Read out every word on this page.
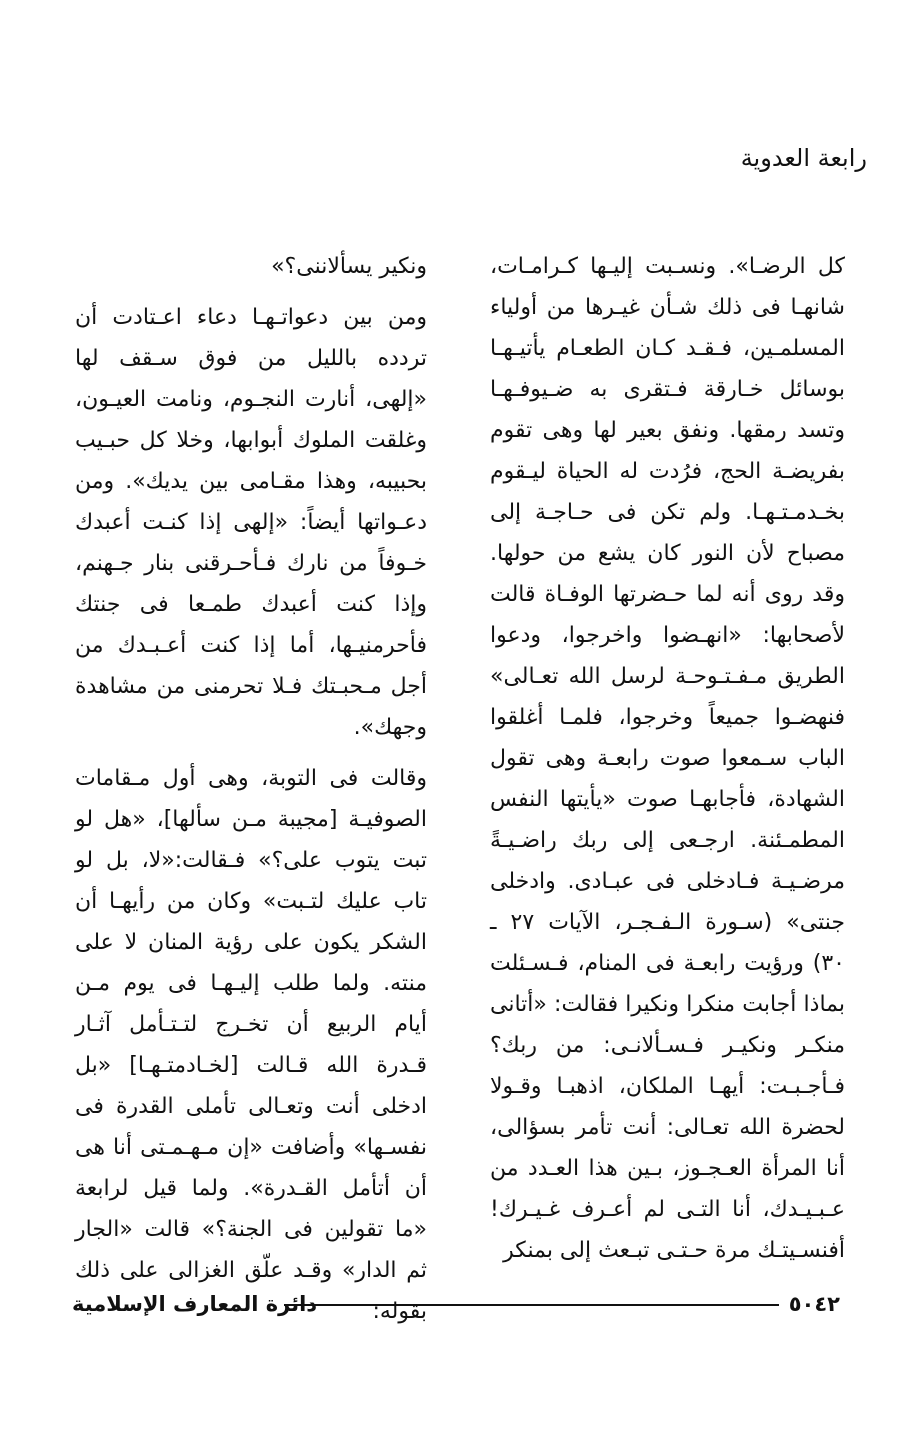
رابعة العدوية

كل الرضـا». ونسـبت إليـها كـرامـات، شانهـا فى ذلك شـأن غيـرها من أولياء المسلمـين، فـقـد كـان الطعـام يأتيـهـا بوسائل خـارقة فـتقرى به ضـيوفـهـا وتسد رمقها. ونفق بعير لها وهى تقوم بفريضـة الحج، فرُدت له الحياة ليـقوم بخـدمـتـهـا. ولم تكن فى حـاجـة إلى مصباح لأن النور كان يشع من حولها. وقد روى أنه لما حـضرتها الوفـاة قالت لأصحابها: «انهـضوا واخرجوا، ودعوا الطريق مـفـتـوحـة لرسل الله تعـالى» فنهضـوا جميعاً وخرجوا، فلمـا أغلقوا الباب سـمعوا صوت رابعـة وهى تقول الشهادة، فأجابهـا صوت «يأيتها النفس المطمـئنة. ارجـعى إلى ربك راضـيـةً مرضـيـة فـادخلى فى عبـادى. وادخلى جنتى» (سـورة الـفـجـر، الآيات ٢٧ ـ ٣٠) ورؤيت رابعـة فى المنام، فـسـئلت بماذا أجابت منكرا ونكيرا فقالت: «أتانى منكـر ونكيـر فـسـألانـى: من ربك؟ فـأجـبـت: أيهـا الملكان، اذهبـا وقـولا لحضرة الله تعـالى: أنت تأمر بسؤالى، أنا المرأة العـجـوز، بـين هذا العـدد من عـبـيـدك، أنا التـى لم أعـرف غـيـرك! أفنسـيتـك مرة حـتـى تبـعث إلى بمنكر

ونكير يسألاننى؟»

ومن بين دعواتـهـا دعاء اعـتادت أن تردده بالليل من فوق سـقف لها «إلهى، أنارت النجـوم، ونامت العيـون، وغلقت الملوك أبوابها، وخلا كل حبـيب بحبيبه، وهذا مقـامى بين يديك». ومن دعـواتها أيضاً: «إلهى إذا كنـت أعبدك خـوفاً من نارك فـأحـرقنى بنار جـهنم، وإذا كنت أعبدك طمـعا فى جنتك فأحرمنيـها، أما إذا كنت أعـبـدك من أجل مـحبـتك فـلا تحرمنى من مشاهدة وجهك».

وقالت فى التوبة، وهى أول مـقامات الصوفيـة [مجيبة مـن سألها]، «هل لو تبت يتوب على؟» فـقالت:«لا، بل لو تاب عليك لتـبت» وكان من رأيهـا أن الشكر يكون على رؤية المنان لا على منته. ولما طلب إليـهـا فى يوم مـن أيام الربيع أن تخـرج لتـتـأمل آثـار قـدرة الله قـالت [لخـادمتـهـا] «بل ادخلى أنت وتعـالى تأملى القدرة فى نفسـها» وأضافت «إن مـهـمـتى أنا هى أن أتأمل القـدرة». ولما قيل لرابعة «ما تقولين فى الجنة؟» قالت «الجار ثم الدار» وقـد علّق الغزالى على ذلك بقوله:

دائرة المعارف الإسلامية	٥٠٤٢
